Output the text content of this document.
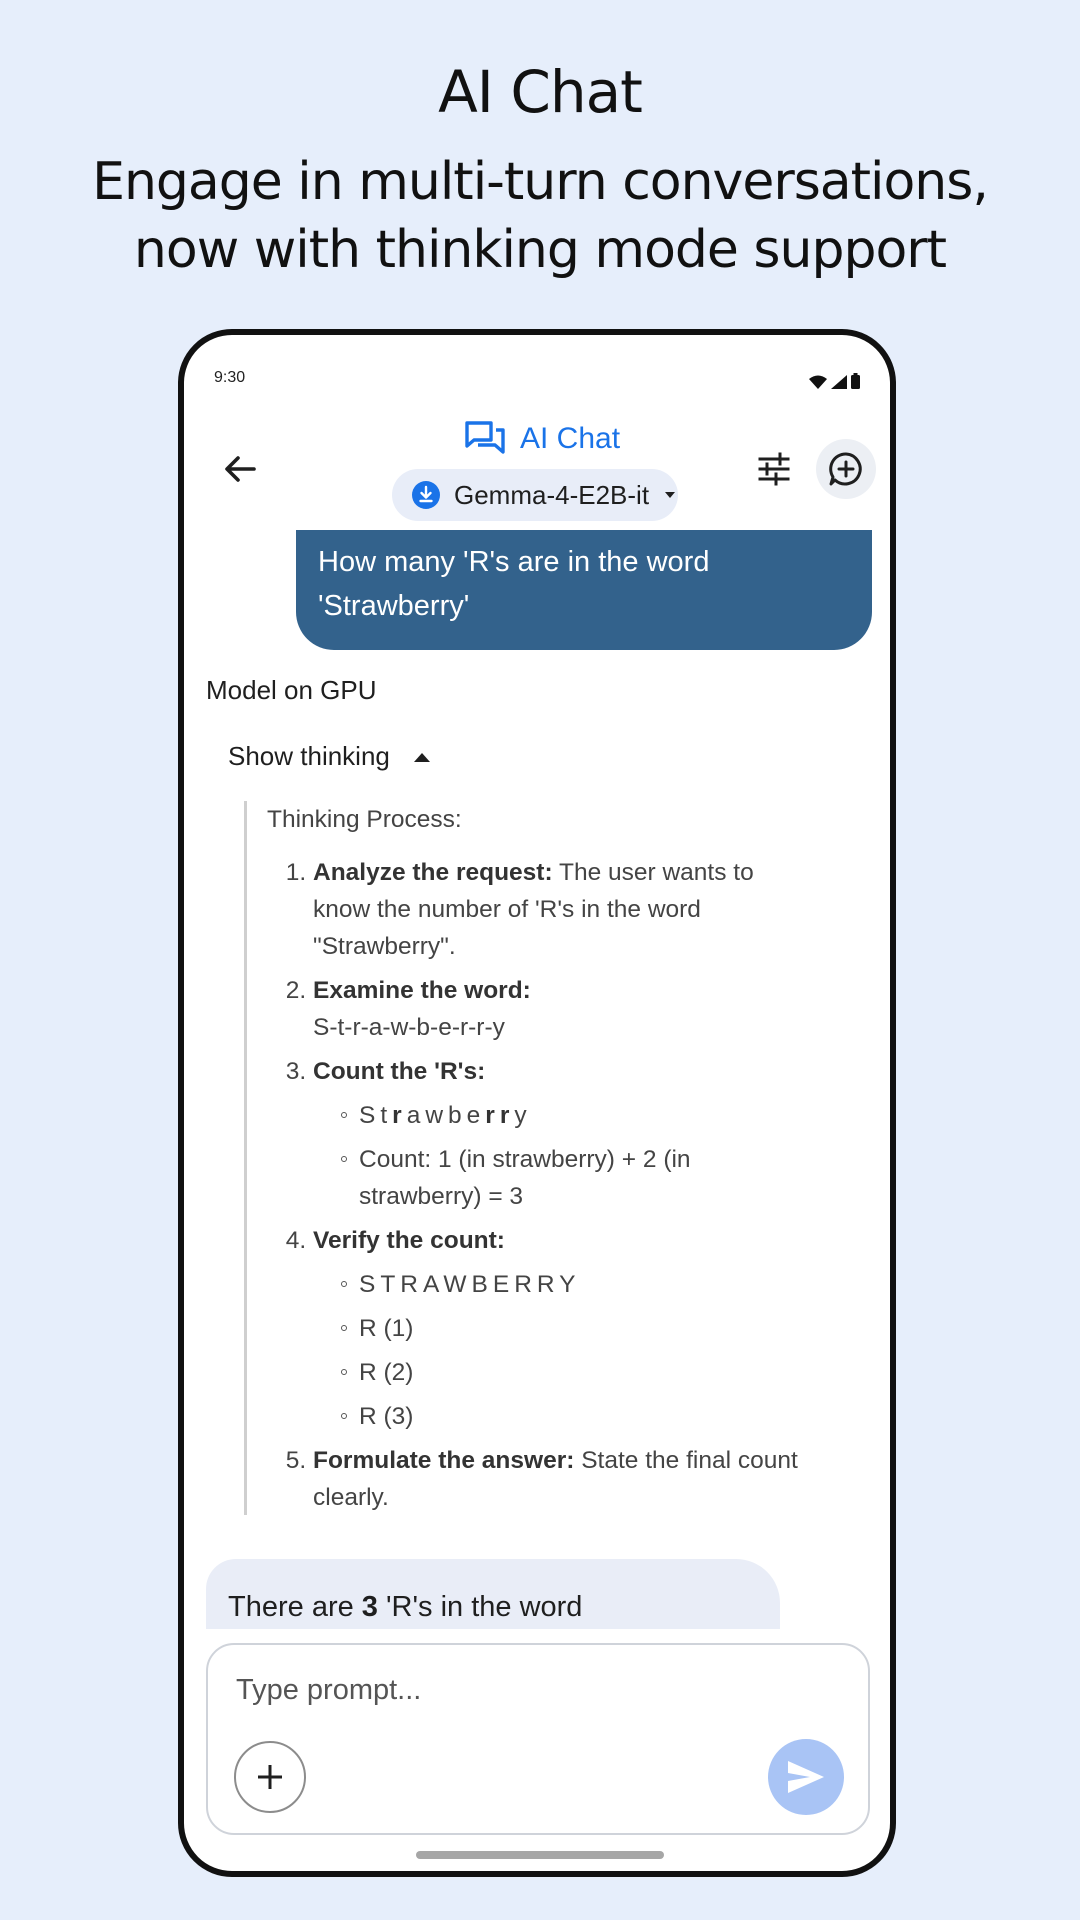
AI Chat
Engage in multi-turn conversations, now with thinking mode support
9:30
AI Chat
Gemma-4-E2B-it
How many 'R's are in the word 'Strawberry'
Model on GPU
Show thinking

Thinking Process:

1. Analyze the request: The user wants to know the number of 'R's in the word "Strawberry".
2. Examine the word:
S-t-r-a-w-b-e-r-r-y
3. Count the 'R's:
Strawberry
Count: 1 (in strawberry) + 2 (in strawberry) = 3
4. Verify the count:
STRAWBERRY
R (1)
R (2)
R (3)
5. Formulate the answer: State the final count clearly.
There are 3 'R's in the word
Type prompt...
